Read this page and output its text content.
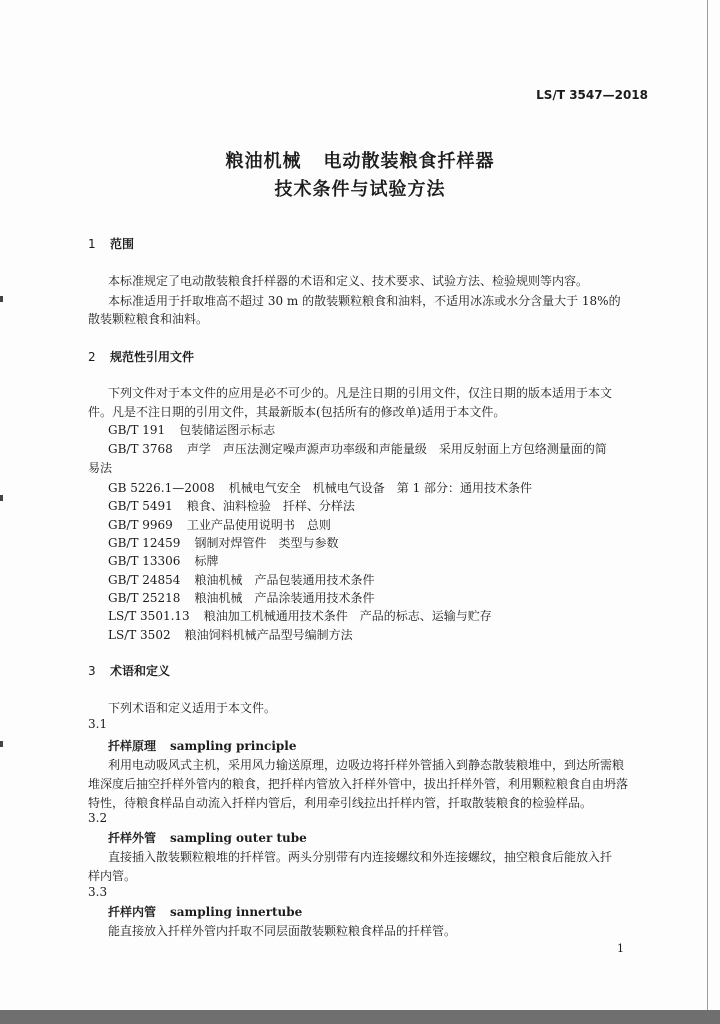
LS/T 3547—2018
粮油机械 电动散装粮食扦样器
技术条件与试验方法
1 范围
本标准规定了电动散装粮食扦样器的术语和定义、技术要求、试验方法、检验规则等内容。
本标准适用于扦取堆高不超过 30 m 的散装颗粒粮食和油料，不适用冰冻或水分含量大于 18%的
散装颗粒粮食和油料。
2 规范性引用文件
下列文件对于本文件的应用是必不可少的。凡是注日期的引用文件，仅注日期的版本适用于本文
件。凡是不注日期的引用文件，其最新版本(包括所有的修改单)适用于本文件。
GB/T 191 包装储运图示标志
GB/T 3768 声学　声压法测定噪声源声功率级和声能量级　采用反射面上方包络测量面的简
易法
GB 5226.1—2008 机械电气安全　机械电气设备　第 1 部分：通用技术条件
GB/T 5491 粮食、油料检验　扦样、分样法
GB/T 9969 工业产品使用说明书　总则
GB/T 12459 钢制对焊管件　类型与参数
GB/T 13306 标牌
GB/T 24854 粮油机械　产品包装通用技术条件
GB/T 25218 粮油机械　产品涂装通用技术条件
LS/T 3501.13 粮油加工机械通用技术条件　产品的标志、运输与贮存
LS/T 3502 粮油饲料机械产品型号编制方法
3 术语和定义
下列术语和定义适用于本文件。
3.1
扦样原理 sampling principle
利用电动吸风式主机，采用风力输送原理，边吸边将扦样外管插入到静态散装粮堆中，到达所需粮
堆深度后抽空扦样外管内的粮食，把扦样内管放入扦样外管中，拔出扦样外管，利用颗粒粮食自由坍落
特性，待粮食样品自动流入扦样内管后，利用牵引线拉出扦样内管，扦取散装粮食的检验样品。
3.2
扦样外管 sampling outer tube
直接插入散装颗粒粮堆的扦样管。两头分别带有内连接螺纹和外连接螺纹，抽空粮食后能放入扦
样内管。
3.3
扦样内管 sampling innertube
能直接放入扦样外管内扦取不同层面散装颗粒粮食样品的扦样管。
1
